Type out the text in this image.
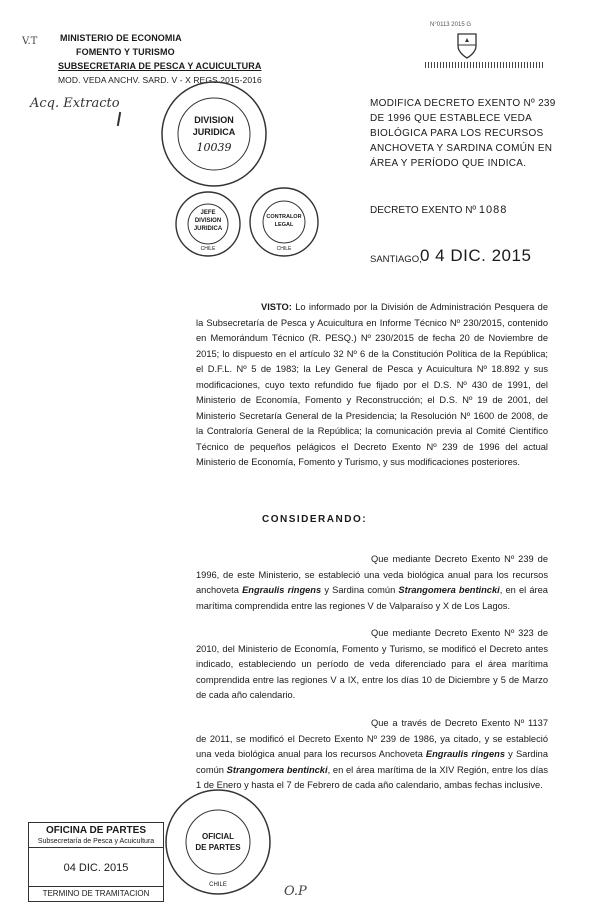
N°0113 2015 G
V.T	MINISTERIO DE ECONOMIA
FOMENTO Y TURISMO
SUBSECRETARIA DE PESCA Y ACUICULTURA
MOD. VEDA ANCHV. SARD. V - X REGS 2015-2016
Acq. Extracto
DIVISION
JURIDICA
10039
JEFE
DIVISION
JURIDICA
CHILE
CONTRALOR
LEGAL
CHILE
MODIFICA DECRETO EXENTO Nº 239 DE 1996 QUE ESTABLECE VEDA BIOLÓGICA PARA LOS RECURSOS ANCHOVETA Y SARDINA COMÚN EN ÁREA Y PERÍODO QUE INDICA.
DECRETO EXENTO Nº 1088
SANTIAGO,
0 4 DIC. 2015
VISTO: Lo informado por la División de Administración Pesquera de la Subsecretaría de Pesca y Acuicultura en Informe Técnico Nº 230/2015, contenido en Memorándum Técnico (R. PESQ.) Nº 230/2015 de fecha 20 de Noviembre de 2015; lo dispuesto en el artículo 32 Nº 6 de la Constitución Política de la República; el D.F.L. Nº 5 de 1983; la Ley General de Pesca y Acuicultura Nº 18.892 y sus modificaciones, cuyo texto refundido fue fijado por el D.S. Nº 430 de 1991, del Ministerio de Economía, Fomento y Reconstrucción; el D.S. Nº 19 de 2001, del Ministerio Secretaría General de la Presidencia; la Resolución Nº 1600 de 2008, de la Contraloría General de la República; la comunicación previa al Comité Científico Técnico de pequeños pelágicos el Decreto Exento Nº 239 de 1996 del actual Ministerio de Economía, Fomento y Turismo, y sus modificaciones posteriores.
CONSIDERANDO:
Que mediante Decreto Exento Nº 239 de 1996, de este Ministerio, se estableció una veda biológica anual para los recursos anchoveta Engraulis ringens y Sardina común Strangomera bentincki, en el área marítima comprendida entre las regiones V de Valparaíso y X de Los Lagos.
Que mediante Decreto Exento Nº 323 de 2010, del Ministerio de Economía, Fomento y Turismo, se modificó el Decreto antes indicado, estableciendo un período de veda diferenciado para el área marítima comprendida entre las regiones V a IX, entre los días 10 de Diciembre y 5 de Marzo de cada año calendario.
Que a través de Decreto Exento Nº 1137 de 2011, se modificó el Decreto Exento Nº 239 de 1986, ya citado, y se estableció una veda biológica anual para los recursos Anchoveta Engraulis ringens y Sardina común Strangomera bentincki, en el área marítima de la XIV Región, entre los días 1 de Enero y hasta el 7 de Febrero de cada año calendario, ambas fechas inclusive.
OFICINA DE PARTES
Subsecretaría de Pesca y Acuicultura
04 DIC. 2015
TERMINO DE TRAMITACION
OFICIAL
DE PARTES
CHILE	O.P
